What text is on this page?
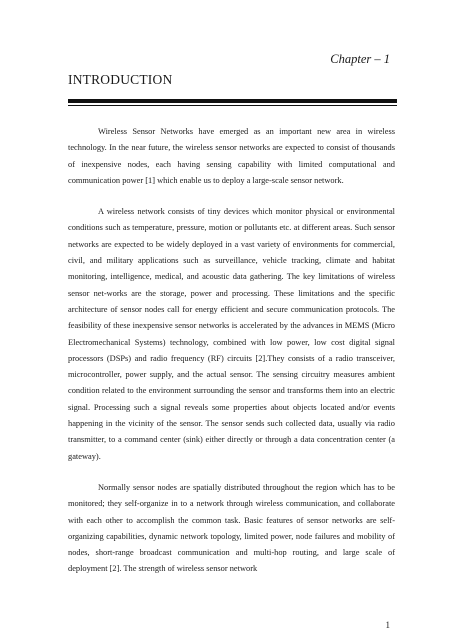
Chapter – 1
INTRODUCTION

Wireless Sensor Networks have emerged as an important new area in wireless technology. In the near future, the wireless sensor networks are expected to consist of thousands of inexpensive nodes, each having sensing capability with limited computational and communication power [1] which enable us to deploy a large-scale sensor network.

A wireless network consists of tiny devices which monitor physical or environmental conditions such as temperature, pressure, motion or pollutants etc. at different areas. Such sensor networks are expected to be widely deployed in a vast variety of environments for commercial, civil, and military applications such as surveillance, vehicle tracking, climate and habitat monitoring, intelligence, medical, and acoustic data gathering. The key limitations of wireless sensor net-works are the storage, power and processing. These limitations and the specific architecture of sensor nodes call for energy efficient and secure communication protocols. The feasibility of these inexpensive sensor networks is accelerated by the advances in MEMS (Micro Electromechanical Systems) technology, combined with low power, low cost digital signal processors (DSPs) and radio frequency (RF) circuits [2].They consists of a radio transceiver, microcontroller, power supply, and the actual sensor. The sensing circuitry measures ambient condition related to the environment surrounding the sensor and transforms them into an electric signal. Processing such a signal reveals some properties about objects located and/or events happening in the vicinity of the sensor. The sensor sends such collected data, usually via radio transmitter, to a command center (sink) either directly or through a data concentration center (a gateway).

Normally sensor nodes are spatially distributed throughout the region which has to be monitored; they self-organize in to a network through wireless communication, and collaborate with each other to accomplish the common task. Basic features of sensor networks are self-organizing capabilities, dynamic network topology, limited power, node failures and mobility of nodes, short-range broadcast communication and multi-hop routing, and large scale of deployment [2]. The strength of wireless sensor network

1
